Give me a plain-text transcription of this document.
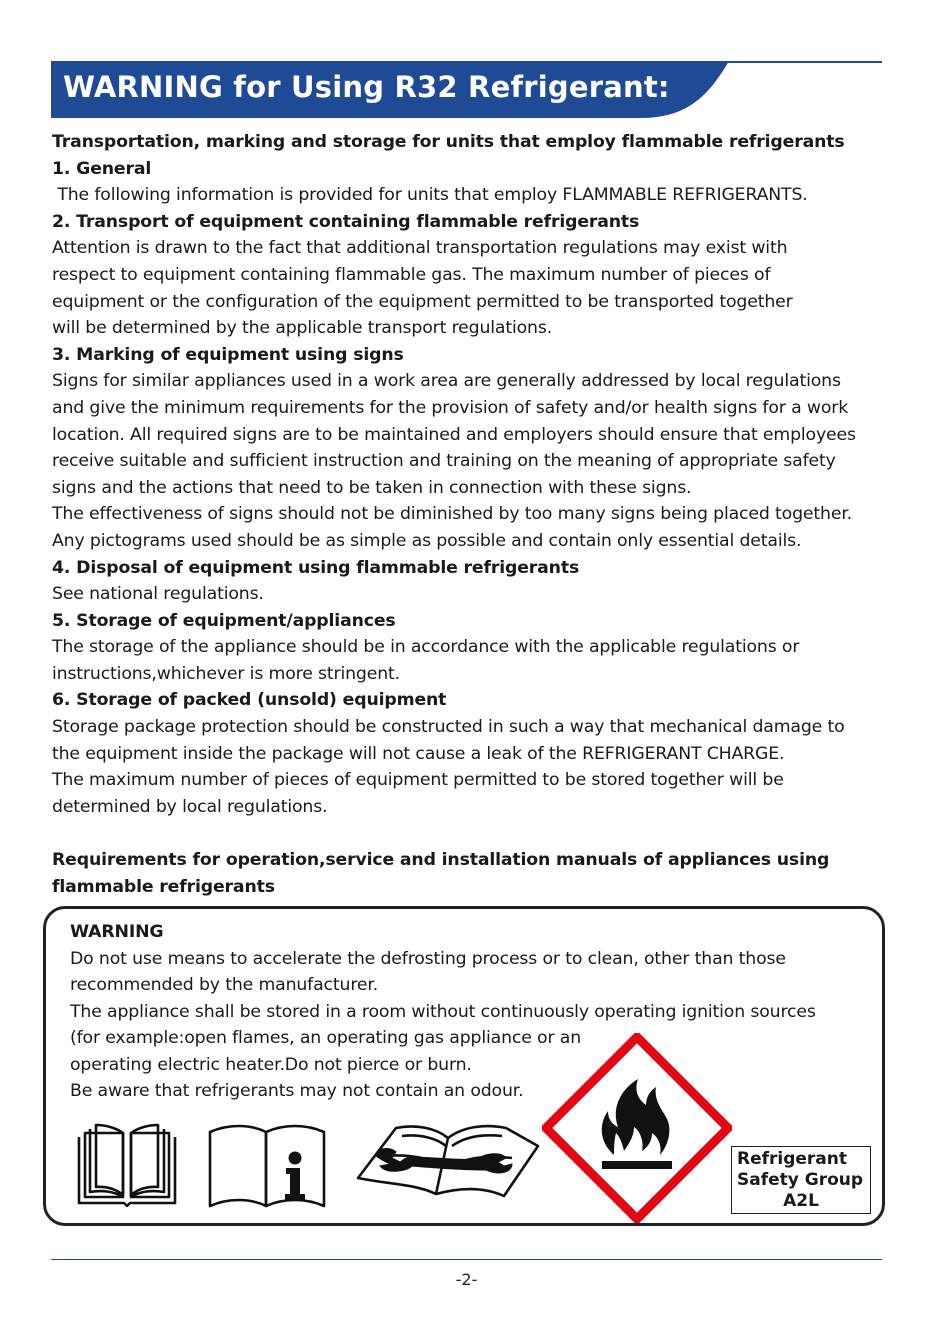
WARNING for Using R32 Refrigerant:

Transportation, marking and storage for units that employ flammable refrigerants

1. General

The following information is provided for units that employ FLAMMABLE REFRIGERANTS.

2. Transport of equipment containing flammable refrigerants

Attention is drawn to the fact that additional transportation regulations may exist with

respect to equipment containing flammable gas. The maximum number of pieces of

equipment or the configuration of the equipment permitted to be transported together

will be determined by the applicable transport regulations.

3. Marking of equipment using signs

Signs for similar appliances used in a work area are generally addressed by local regulations

and give the minimum requirements for the provision of safety and/or health signs for a work

location. All required signs are to be maintained and employers should ensure that employees

receive suitable and sufficient instruction and training on the meaning of appropriate safety

signs and the actions that need to be taken in connection with these signs.

The effectiveness of signs should not be diminished by too many signs being placed together.

Any pictograms used should be as simple as possible and contain only essential details.

4. Disposal of equipment using flammable refrigerants

See national regulations.

5. Storage of equipment/appliances

The storage of the appliance should be in accordance with the applicable regulations or

instructions,whichever is more stringent.

6. Storage of packed (unsold) equipment

Storage package protection should be constructed in such a way that mechanical damage to

the equipment inside the package will not cause a leak of the REFRIGERANT CHARGE.

The maximum number of pieces of equipment permitted to be stored together will be

determined by local regulations.

Requirements for operation,service and installation manuals of appliances using

flammable refrigerants

WARNING

Do not use means to accelerate the defrosting process or to clean, other than those

recommended by the manufacturer.

The appliance shall be stored in a room without continuously operating ignition sources

(for example:open flames, an operating gas appliance or an

operating electric heater.Do not pierce or burn.

Be aware that refrigerants may not contain an odour.

Refrigerant

Safety Group

A2L

-2-
